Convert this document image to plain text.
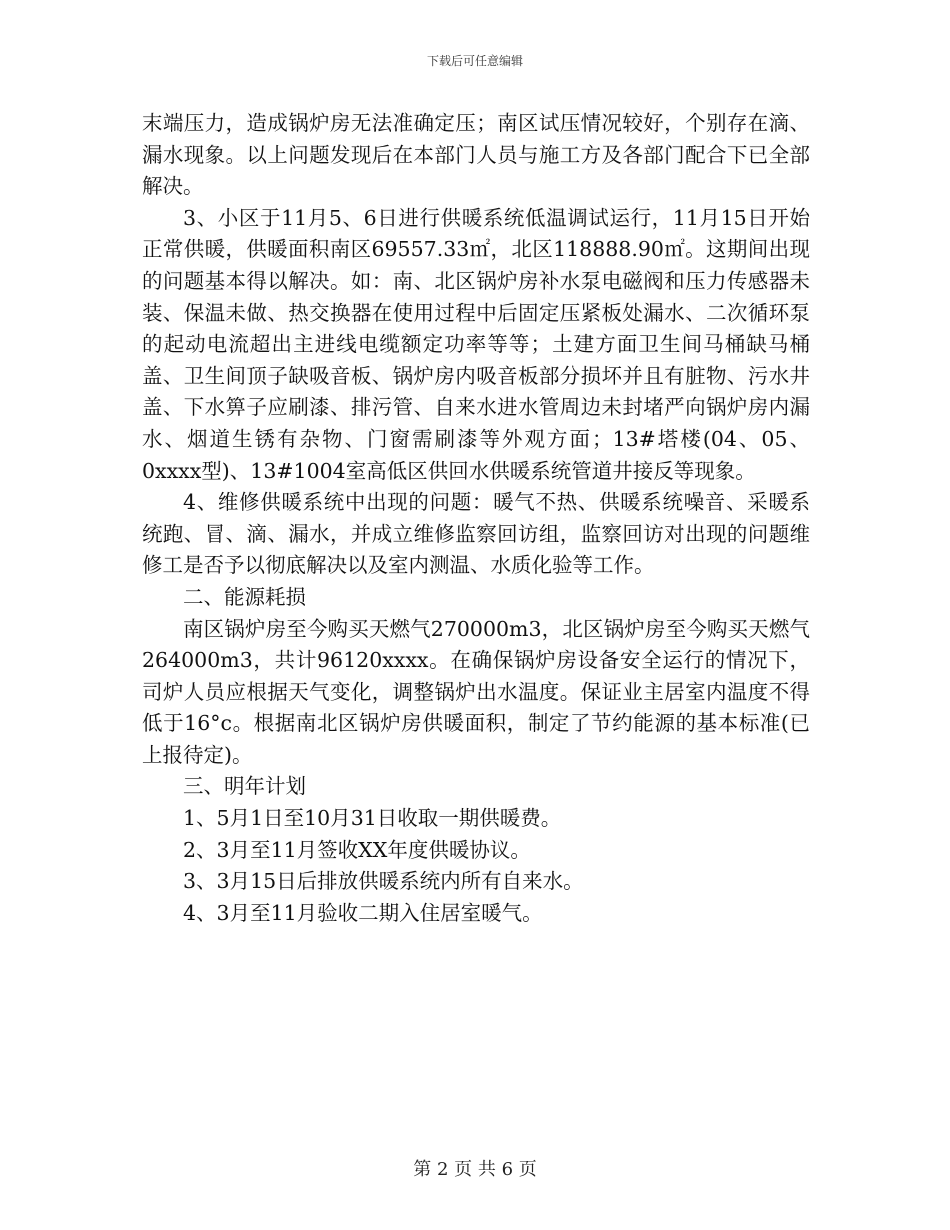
下载后可任意编辑

末端压力，造成锅炉房无法准确定压；南区试压情况较好，个别存在滴、漏水现象。以上问题发现后在本部门人员与施工方及各部门配合下已全部解决。

3、小区于11月5、6日进行供暖系统低温调试运行，11月15日开始正常供暖，供暖面积南区69557.33㎡，北区118888.90㎡。这期间出现的问题基本得以解决。如：南、北区锅炉房补水泵电磁阀和压力传感器未装、保温未做、热交换器在使用过程中后固定压紧板处漏水、二次循环泵的起动电流超出主进线电缆额定功率等等；土建方面卫生间马桶缺马桶盖、卫生间顶子缺吸音板、锅炉房内吸音板部分损坏并且有脏物、污水井盖、下水箅子应刷漆、排污管、自来水进水管周边未封堵严向锅炉房内漏水、烟道生锈有杂物、门窗需刷漆等外观方面；13#塔楼(04、05、0xxxx型)、13#1004室高低区供回水供暖系统管道井接反等现象。

4、维修供暖系统中出现的问题：暖气不热、供暖系统噪音、采暖系统跑、冒、滴、漏水，并成立维修监察回访组，监察回访对出现的问题维修工是否予以彻底解决以及室内测温、水质化验等工作。

二、能源耗损

南区锅炉房至今购买天燃气270000m3，北区锅炉房至今购买天燃气264000m3，共计96120xxxx。在确保锅炉房设备安全运行的情况下，司炉人员应根据天气变化，调整锅炉出水温度。保证业主居室内温度不得低于16°c。根据南北区锅炉房供暖面积，制定了节约能源的基本标准(已上报待定)。

三、明年计划

1、5月1日至10月31日收取一期供暖费。

2、3月至11月签收XX年度供暖协议。

3、3月15日后排放供暖系统内所有自来水。

4、3月至11月验收二期入住居室暖气。

第 2 页 共 6 页
